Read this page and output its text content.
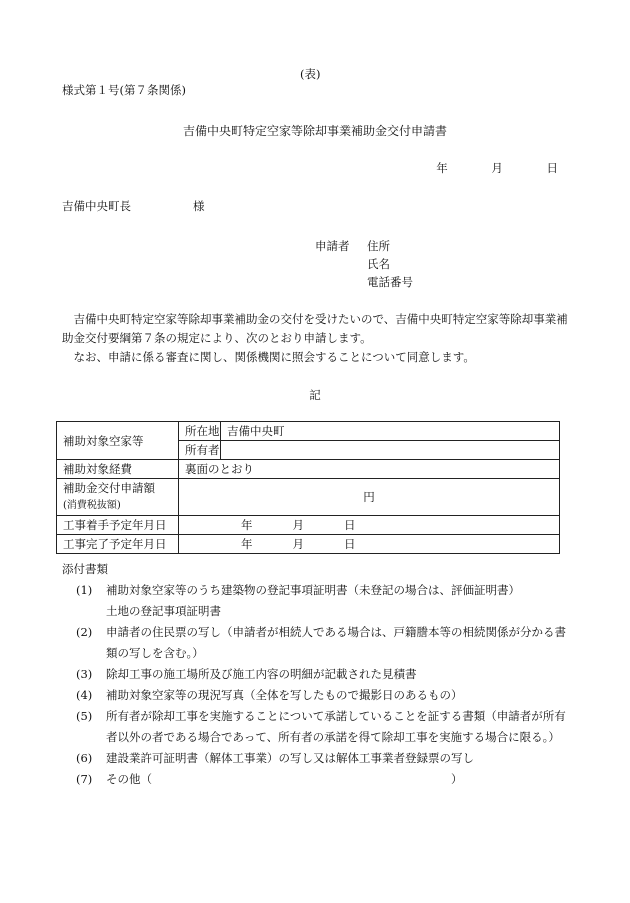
(表)
様式第１号(第７条関係)
吉備中央町特定空家等除却事業補助金交付申請書
年	月	日
吉備中央町長	様
申請者 住所
氏名
電話番号

吉備中央町特定空家等除却事業補助金の交付を受けたいので、吉備中央町特定空家等除却事業補助金交付要綱第７条の規定により、次のとおり申請します。

なお、申請に係る審査に関し、関係機関に照会することについて同意します。

記
補助対象空家等	所在地	吉備中央町
	所有者	
補助対象経費	裏面のとおり	

補助金交付申請額
(消費税抜額)	円	
工事着手予定年月日	年 月 日	
工事完了予定年月日	年 月 日	
添付書類
(1)	補助対象空家等のうち建築物の登記事項証明書（未登記の場合は、評価証明書）
土地の登記事項証明書
(2)	申請者の住民票の写し（申請者が相続人である場合は、戸籍謄本等の相続関係が分かる書類の写しを含む。）
(3)	除却工事の施工場所及び施工内容の明細が記載された見積書
(4)	補助対象空家等の現況写真（全体を写したもので撮影日のあるもの）
(5)	所有者が除却工事を実施することについて承諾していることを証する書類（申請者が所有者以外の者である場合であって、所有者の承諾を得て除却工事を実施する場合に限る。）
(6)	建設業許可証明書（解体工事業）の写し又は解体工事業者登録票の写し
(7)	その他（　　　　　　　　　　　　　　　　　　　　　　　　　　）
